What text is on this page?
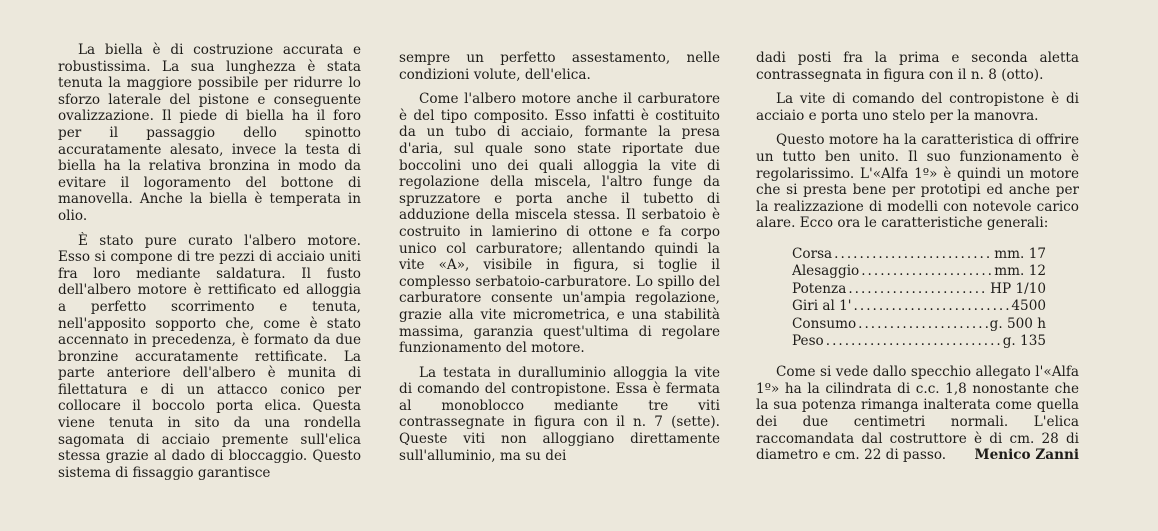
La biella è di costruzione accurata e robustissima. La sua lunghezza è stata tenuta la maggiore possibile per ridurre lo sforzo laterale del pistone e conseguente ovalizzazione. Il piede di biella ha il foro per il passaggio dello spinotto accuratamente alesato, invece la testa di biella ha la relativa bronzina in modo da evitare il logoramento del bottone di manovella. Anche la biella è temperata in olio.

È stato pure curato l'albero motore. Esso si compone di tre pezzi di acciaio uniti fra loro mediante saldatura. Il fusto dell'albero motore è rettificato ed alloggia a perfetto scorrimento e tenuta, nell'apposito sopporto che, come è stato accennato in precedenza, è formato da due bronzine accuratamente rettificate. La parte anteriore dell'albero è munita di filettatura e di un attacco conico per collocare il boccolo porta elica. Questa viene tenuta in sito da una rondella sagomata di acciaio premente sull'elica stessa grazie al dado di bloccaggio. Questo sistema di fissaggio garantisce

sempre un perfetto assestamento, nelle condizioni volute, dell'elica.

Come l'albero motore anche il carburatore è del tipo composito. Esso infatti è costituito da un tubo di acciaio, formante la presa d'aria, sul quale sono state riportate due boccolini uno dei quali alloggia la vite di regolazione della miscela, l'altro funge da spruzzatore e porta anche il tubetto di adduzione della miscela stessa. Il serbatoio è costruito in lamierino di ottone e fa corpo unico col carburatore; allentando quindi la vite «A», visibile in figura, si toglie il complesso serbatoio-carburatore. Lo spillo del carburatore consente un'ampia regolazione, grazie alla vite micrometrica, e una stabilità massima, garanzia quest'ultima di regolare funzionamento del motore.

La testata in duralluminio alloggia la vite di comando del contropistone. Essa è fermata al monoblocco mediante tre viti contrassegnate in figura con il n. 7 (sette). Queste viti non alloggiano direttamente sull'alluminio, ma su dei

dadi posti fra la prima e seconda aletta contrassegnata in figura con il n. 8 (otto).

La vite di comando del contropistone è di acciaio e porta uno stelo per la manovra.

Questo motore ha la caratteristica di offrire un tutto ben unito. Il suo funzionamento è regolarissimo. L'«Alfa 1º» è quindi un motore che si presta bene per prototipi ed anche per la realizzazione di modelli con notevole carico alare. Ecco ora le caratteristiche generali:

Corsa .....	mm. 17
Alesaggio .....	mm. 12
Potenza .....	HP 1/10
Giri al 1' .....	4500
Consumo .....	g. 500 h
Peso .....	g. 135

Come si vede dallo specchio allegato l'«Alfa 1º» ha la cilindrata di c.c. 1,8 nonostante che la sua potenza rimanga inalterata come quella dei due centimetri normali. L'elica raccomandata dal costruttore è di cm. 28 di diametro e cm. 22 di passo.	Menico Zanni
